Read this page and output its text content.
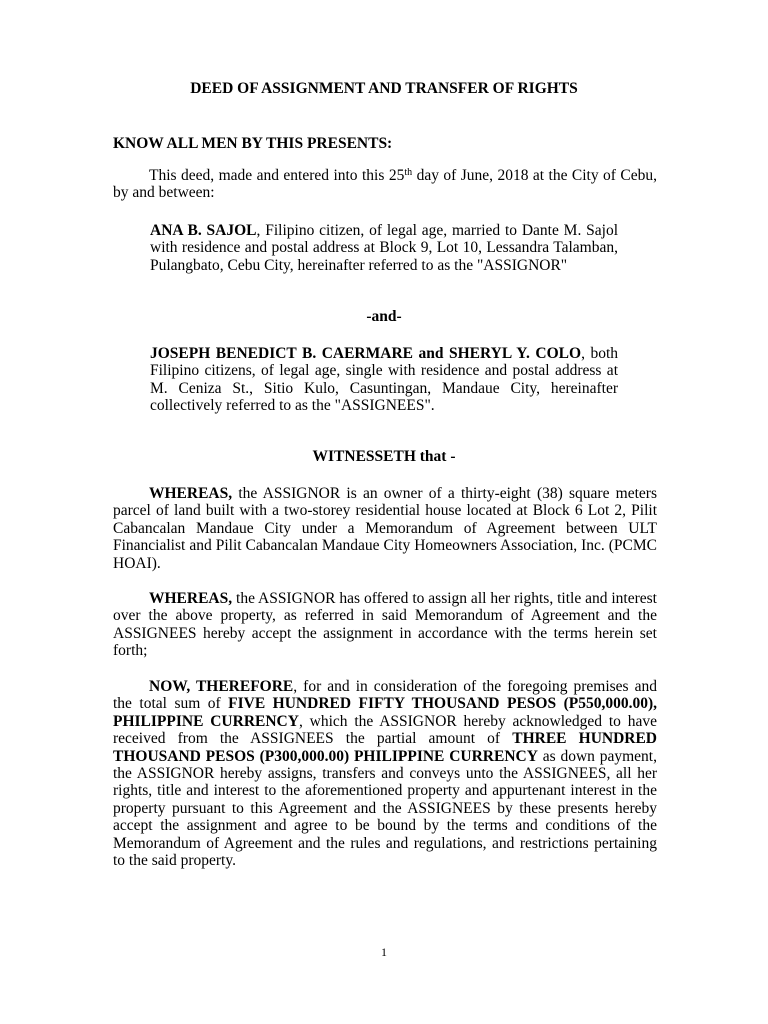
DEED OF ASSIGNMENT AND TRANSFER OF RIGHTS
KNOW ALL MEN BY THIS PRESENTS:
This deed, made and entered into this 25th day of June, 2018 at the City of Cebu, by and between:
ANA B. SAJOL, Filipino citizen, of legal age, married to Dante M. Sajol with residence and postal address at Block 9, Lot 10, Lessandra Talamban, Pulangbato, Cebu City, hereinafter referred to as the "ASSIGNOR"
-and-
JOSEPH BENEDICT B. CAERMARE and SHERYL Y. COLO, both Filipino citizens, of legal age, single with residence and postal address at M. Ceniza St., Sitio Kulo, Casuntingan, Mandaue City, hereinafter collectively referred to as the "ASSIGNEES".
WITNESSETH that -
WHEREAS, the ASSIGNOR is an owner of a thirty-eight (38) square meters parcel of land built with a two-storey residential house located at Block 6 Lot 2, Pilit Cabancalan Mandaue City under a Memorandum of Agreement between ULT Financialist and Pilit Cabancalan Mandaue City Homeowners Association, Inc. (PCMC HOAI).
WHEREAS, the ASSIGNOR has offered to assign all her rights, title and interest over the above property, as referred in said Memorandum of Agreement and the ASSIGNEES hereby accept the assignment in accordance with the terms herein set forth;
NOW, THEREFORE, for and in consideration of the foregoing premises and the total sum of FIVE HUNDRED FIFTY THOUSAND PESOS (P550,000.00), PHILIPPINE CURRENCY, which the ASSIGNOR hereby acknowledged to have received from the ASSIGNEES the partial amount of THREE HUNDRED THOUSAND PESOS (P300,000.00) PHILIPPINE CURRENCY as down payment, the ASSIGNOR hereby assigns, transfers and conveys unto the ASSIGNEES, all her rights, title and interest to the aforementioned property and appurtenant interest in the property pursuant to this Agreement and the ASSIGNEES by these presents hereby accept the assignment and agree to be bound by the terms and conditions of the Memorandum of Agreement and the rules and regulations, and restrictions pertaining to the said property.
1
